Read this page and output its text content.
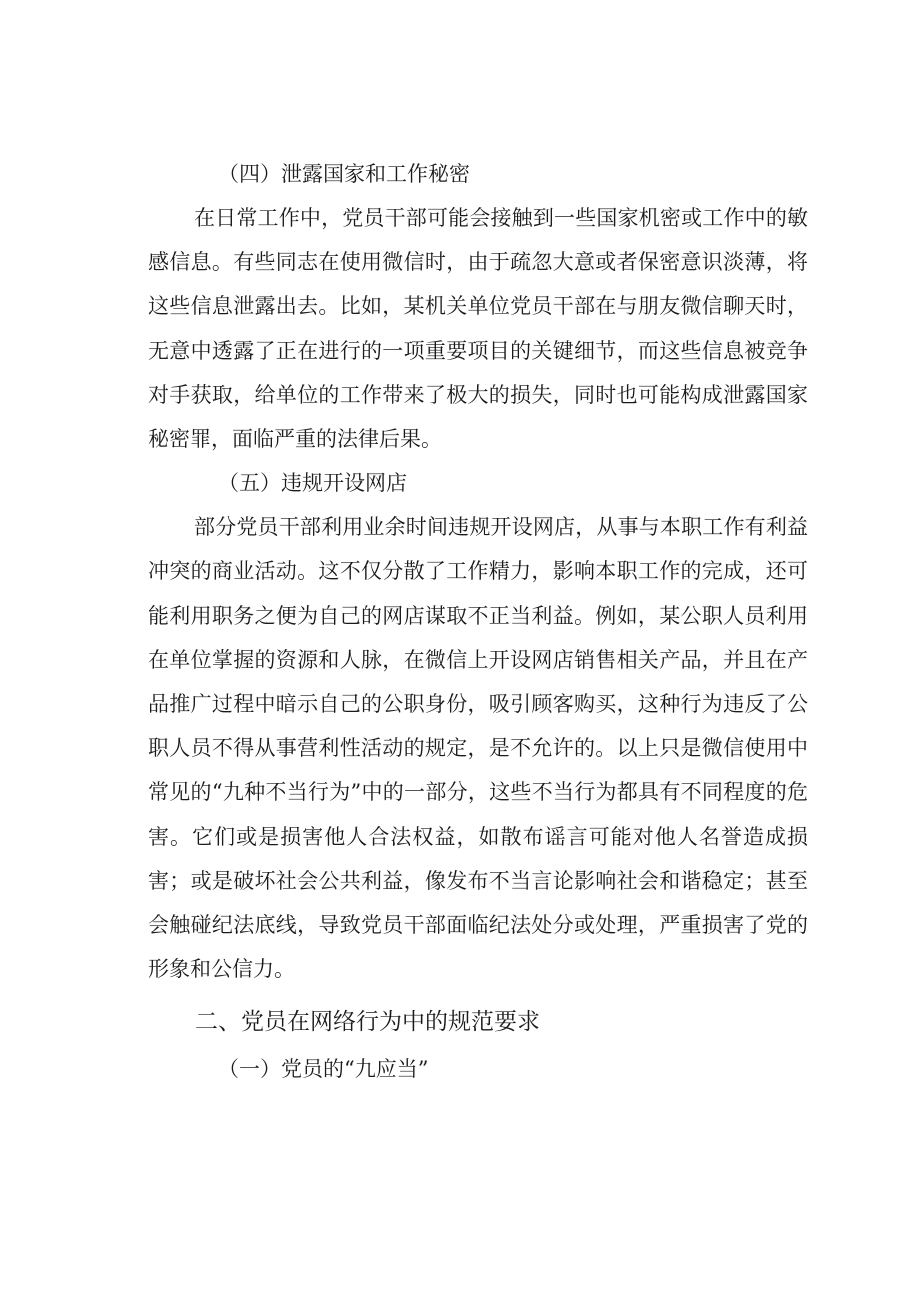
（四）泄露国家和工作秘密

在日常工作中，党员干部可能会接触到一些国家机密或工作中的敏感信息。有些同志在使用微信时，由于疏忽大意或者保密意识淡薄，将这些信息泄露出去。比如，某机关单位党员干部在与朋友微信聊天时，无意中透露了正在进行的一项重要项目的关键细节，而这些信息被竞争对手获取，给单位的工作带来了极大的损失，同时也可能构成泄露国家秘密罪，面临严重的法律后果。

（五）违规开设网店

部分党员干部利用业余时间违规开设网店，从事与本职工作有利益冲突的商业活动。这不仅分散了工作精力，影响本职工作的完成，还可能利用职务之便为自己的网店谋取不正当利益。例如，某公职人员利用在单位掌握的资源和人脉，在微信上开设网店销售相关产品，并且在产品推广过程中暗示自己的公职身份，吸引顾客购买，这种行为违反了公职人员不得从事营利性活动的规定，是不允许的。以上只是微信使用中常见的“九种不当行为”中的一部分，这些不当行为都具有不同程度的危害。它们或是损害他人合法权益，如散布谣言可能对他人名誉造成损害；或是破坏社会公共利益，像发布不当言论影响社会和谐稳定；甚至会触碰纪法底线，导致党员干部面临纪法处分或处理，严重损害了党的形象和公信力。

二、党员在网络行为中的规范要求

（一）党员的“九应当”
